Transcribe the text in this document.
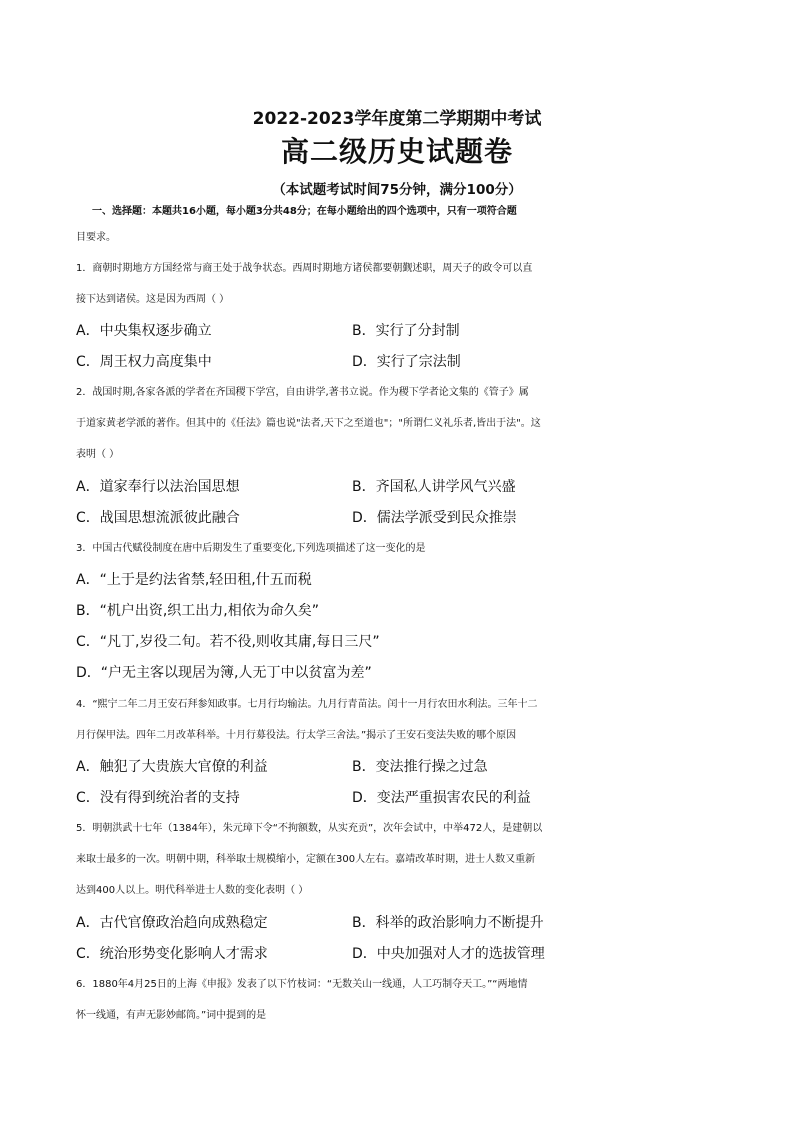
2022-2023学年度第二学期期中考试
高二级历史试题卷
（本试题考试时间75分钟，满分100分）
一、选择题：本题共16小题，每小题3分共48分；在每小题给出的四个选项中，只有一项符合题
目要求。
1．商朝时期地方方国经常与商王处于战争状态。西周时期地方诸侯都要朝觐述职，周天子的政令可以直
接下达到诸侯。这是因为西周（ ）
A．中央集权逐步确立	B．实行了分封制
C．周王权力高度集中	D．实行了宗法制
2．战国时期,各家各派的学者在齐国稷下学宫，自由讲学,著书立说。作为稷下学者论文集的《管子》属
于道家黄老学派的著作。但其中的《任法》篇也说"法者,天下之至道也"；"所谓仁义礼乐者,皆出于法"。这
表明（ ）
A．道家奉行以法治国思想	B．齐国私人讲学风气兴盛
C．战国思想流派彼此融合	D．儒法学派受到民众推崇
3．中国古代赋役制度在唐中后期发生了重要变化,下列选项描述了这一变化的是
A．“上于是约法省禁,轻田租,什五而税
B．“机户出资,织工出力,相依为命久矣”
C．“凡丁,岁役二旬。若不役,则收其庸,每日三尺”
D．“户无主客以现居为簿,人无丁中以贫富为差”
4．“熙宁二年二月王安石拜参知政事。七月行均输法。九月行青苗法。闰十一月行农田水利法。三年十二
月行保甲法。四年二月改革科举。十月行募役法。行太学三舍法。”揭示了王安石变法失败的哪个原因
A．触犯了大贵族大官僚的利益	B．变法推行操之过急
C．没有得到统治者的支持	D．变法严重损害农民的利益
5．明朝洪武十七年（1384年），朱元璋下令“不拘额数，从实充贡”，次年会试中，中举472人，是建朝以
来取士最多的一次。明朝中期，科举取士规模缩小，定额在300人左右。嘉靖改革时期，进士人数又重新
达到400人以上。明代科举进士人数的变化表明（ ）
A．古代官僚政治趋向成熟稳定	B．科举的政治影响力不断提升
C．统治形势变化影响人才需求	D．中央加强对人才的选拔管理
6．1880年4月25日的上海《申报》发表了以下竹枝词：“无数关山一线通，人工巧制夺天工。”“两地情
怀一线通，有声无影妙邮筒。”词中提到的是
